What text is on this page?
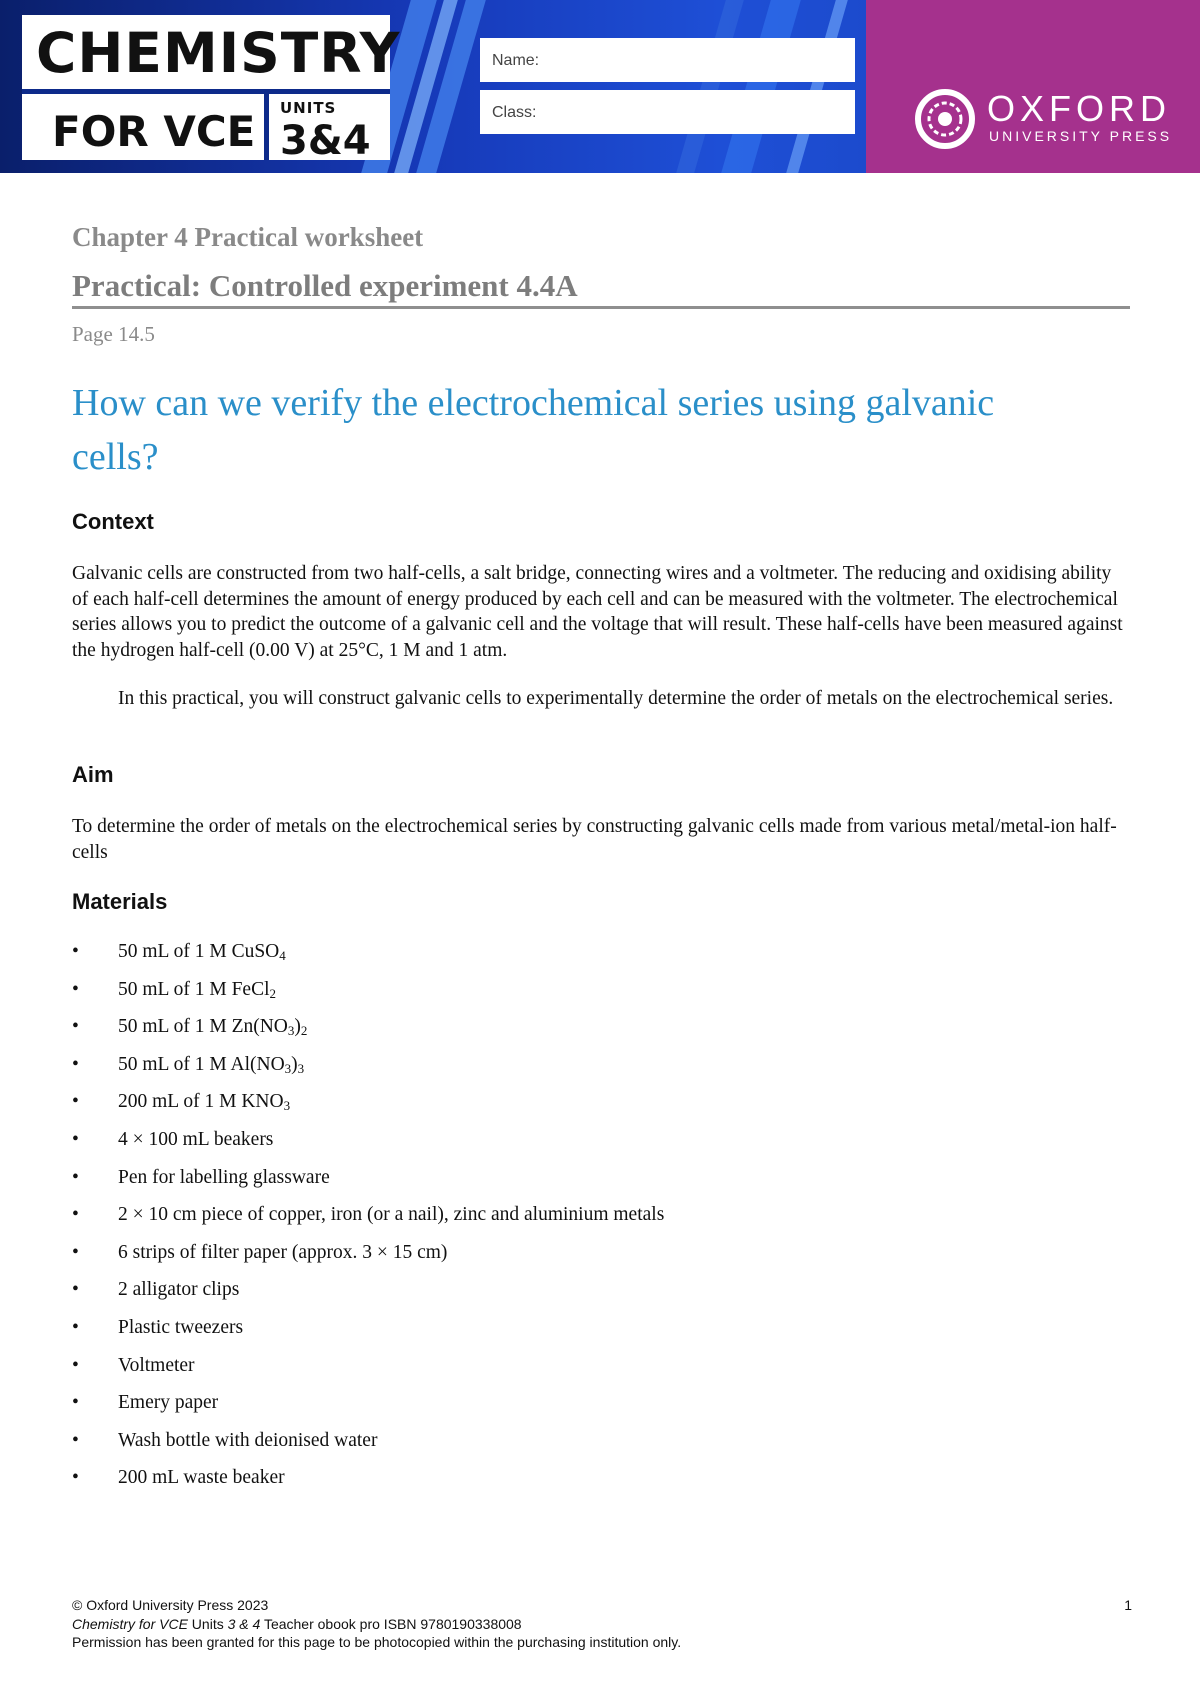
CHEMISTRY
FOR VCE UNITS
3&4
Name:
Class:	OXFORD
UNIVERSITY PRESS
Chapter 4 Practical worksheet
Practical: Controlled experiment 4.4A
Page 14.5
How can we verify the electrochemical series using galvanic cells?
Context

Galvanic cells are constructed from two half-cells, a salt bridge, connecting wires and a voltmeter. The reducing and oxidising ability of each half-cell determines the amount of energy produced by each cell and can be measured with the voltmeter. The electrochemical series allows you to predict the outcome of a galvanic cell and the voltage that will result. These half-cells have been measured against the hydrogen half-cell (0.00 V) at 25°C, 1 M and 1 atm.

In this practical, you will construct galvanic cells to experimentally determine the order of metals on the electrochemical series.

Aim

To determine the order of metals on the electrochemical series by constructing galvanic cells made from various metal/metal-ion half-cells

Materials
• 50 mL of 1 M CuSO$_4$
• 50 mL of 1 M FeCl$_2$
• 50 mL of 1 M $Zn(NO_3)_2$
• 50 mL of 1 M $Al(NO_3)_3$
• 200 mL of 1 M $KNO_3$
• 4 × 100 mL beakers
• Pen for labelling glassware
• 2 × 10 cm piece of copper, iron (or a nail), zinc and aluminium metals
• 6 strips of filter paper (approx. 3 × 15 cm)
• 2 alligator clips
• Plastic tweezers
• Voltmeter
• Emery paper
• Wash bottle with deionised water
• 200 mL waste beaker
© Oxford University Press 2023
Chemistry for VCE Units 3 & 4 Teacher obook pro ISBN 9780190338008
Permission has been granted for this page to be photocopied within the purchasing institution only.
1
